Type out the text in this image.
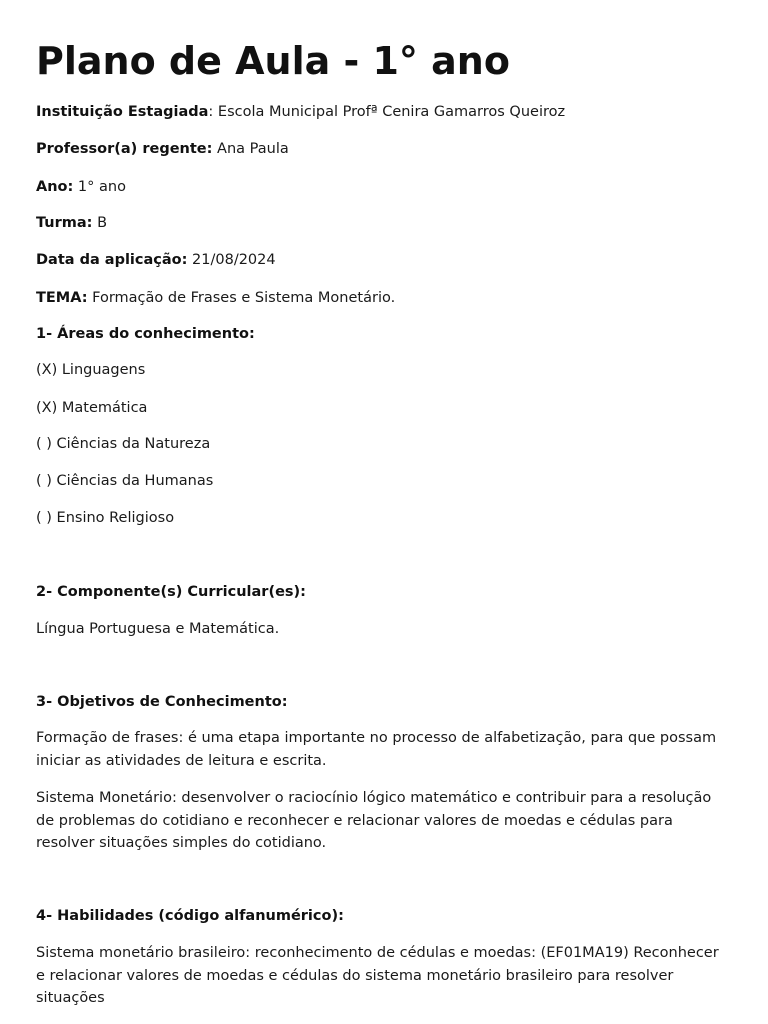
Plano de Aula - 1° ano

Instituição Estagiada: Escola Municipal Profª Cenira Gamarros Queiroz

Professor(a) regente: Ana Paula

Ano: 1° ano

Turma: B

Data da aplicação: 21/08/2024

TEMA: Formação de Frases e Sistema Monetário.

1- Áreas do conhecimento:

(X) Linguagens

(X) Matemática

( ) Ciências da Natureza

( ) Ciências da Humanas

( ) Ensino Religioso

2- Componente(s) Curricular(es):

Língua Portuguesa e Matemática.

3- Objetivos de Conhecimento:

Formação de frases: é uma etapa importante no processo de alfabetização, para que possam iniciar as atividades de leitura e escrita.

Sistema Monetário: desenvolver o raciocínio lógico matemático e contribuir para a resolução de problemas do cotidiano e reconhecer e relacionar valores de moedas e cédulas para resolver situações simples do cotidiano.

4- Habilidades (código alfanumérico):

Sistema monetário brasileiro: reconhecimento de cédulas e moedas: (EF01MA19) Reconhecer e relacionar valores de moedas e cédulas do sistema monetário brasileiro para resolver situações
